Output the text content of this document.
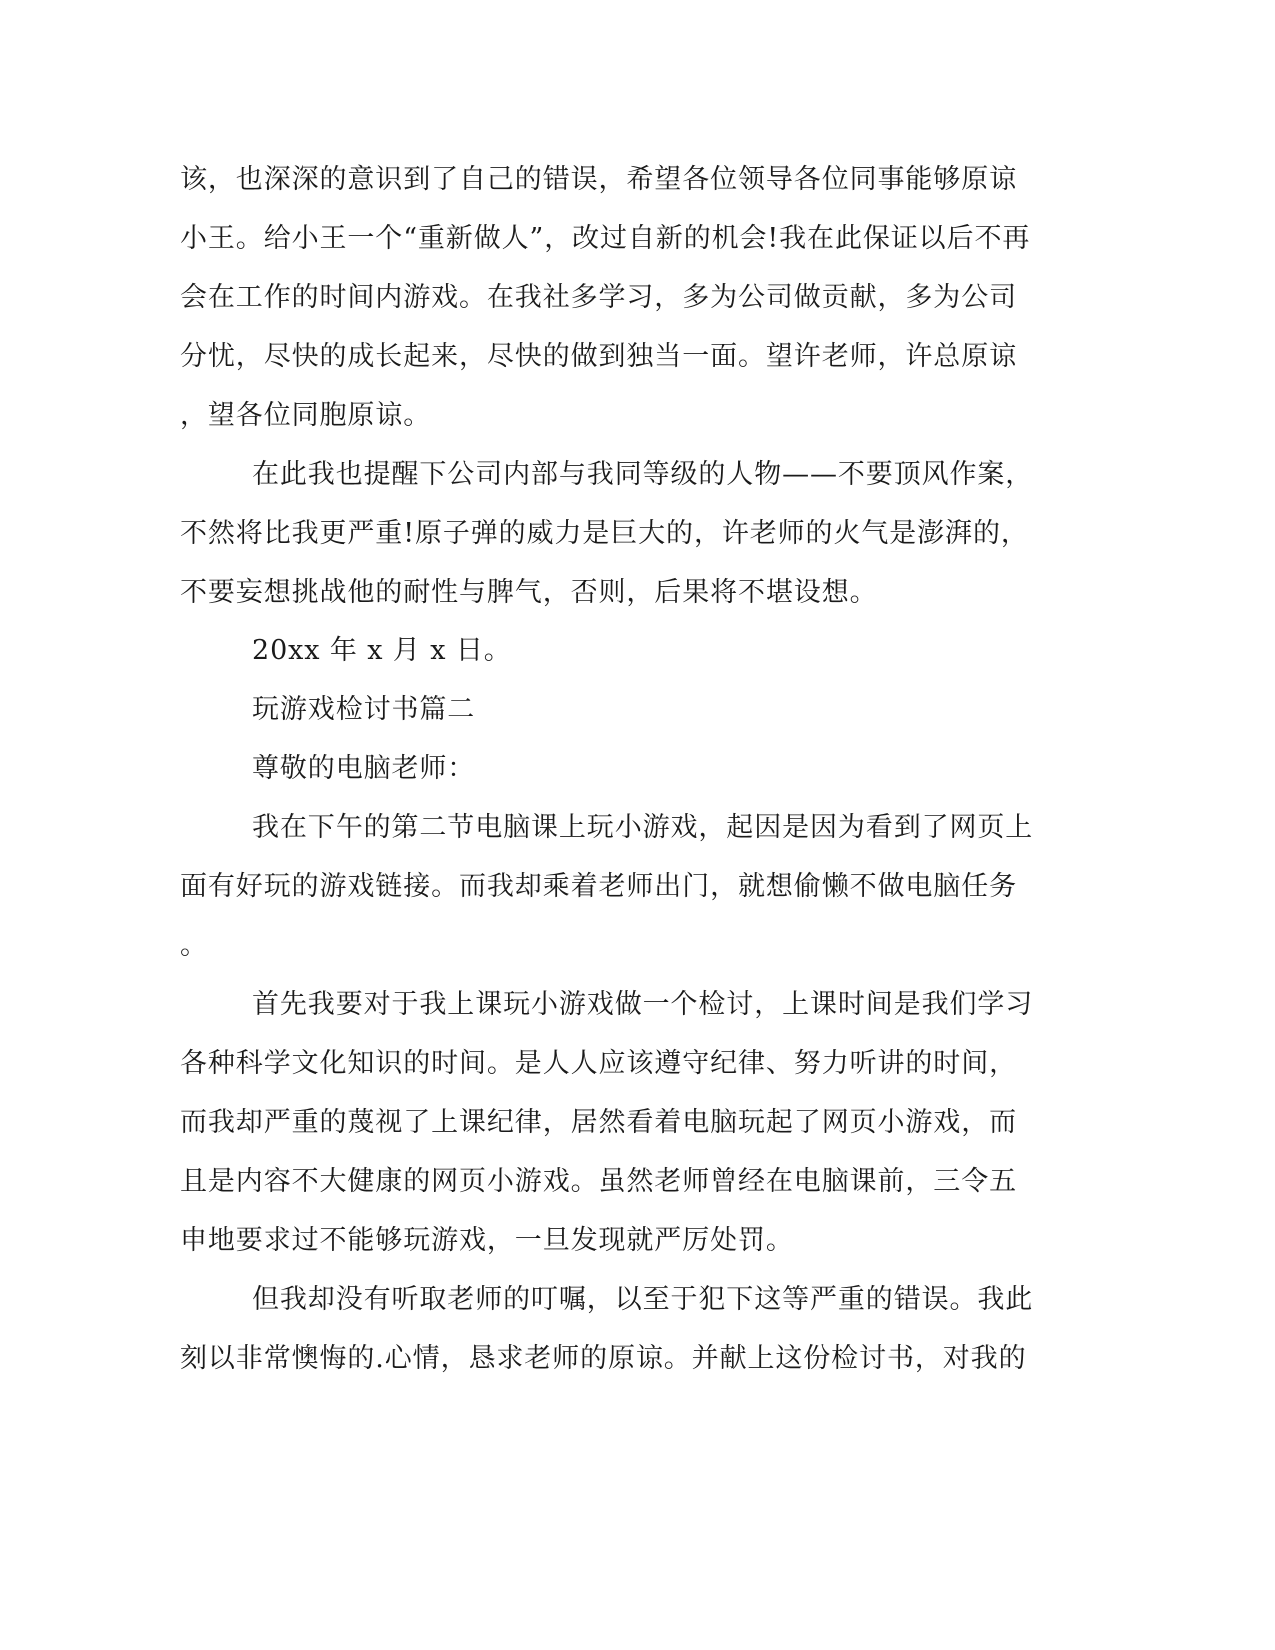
该，也深深的意识到了自己的错误，希望各位领导各位同事能够原谅
小王。给小王一个“重新做人”，改过自新的机会!我在此保证以后不再
会在工作的时间内游戏。在我社多学习，多为公司做贡献，多为公司
分忧，尽快的成长起来，尽快的做到独当一面。望许老师，许总原谅
，望各位同胞原谅。
在此我也提醒下公司内部与我同等级的人物——不要顶风作案，
不然将比我更严重!原子弹的威力是巨大的，许老师的火气是澎湃的，
不要妄想挑战他的耐性与脾气，否则，后果将不堪设想。
20xx 年 x 月 x 日。
玩游戏检讨书篇二
尊敬的电脑老师：
我在下午的第二节电脑课上玩小游戏，起因是因为看到了网页上
面有好玩的游戏链接。而我却乘着老师出门，就想偷懒不做电脑任务
。
首先我要对于我上课玩小游戏做一个检讨，上课时间是我们学习
各种科学文化知识的时间。是人人应该遵守纪律、努力听讲的时间，
而我却严重的蔑视了上课纪律，居然看着电脑玩起了网页小游戏，而
且是内容不大健康的网页小游戏。虽然老师曾经在电脑课前，三令五
申地要求过不能够玩游戏，一旦发现就严厉处罚。
但我却没有听取老师的叮嘱，以至于犯下这等严重的错误。我此
刻以非常懊悔的.心情，恳求老师的原谅。并献上这份检讨书，对我的
